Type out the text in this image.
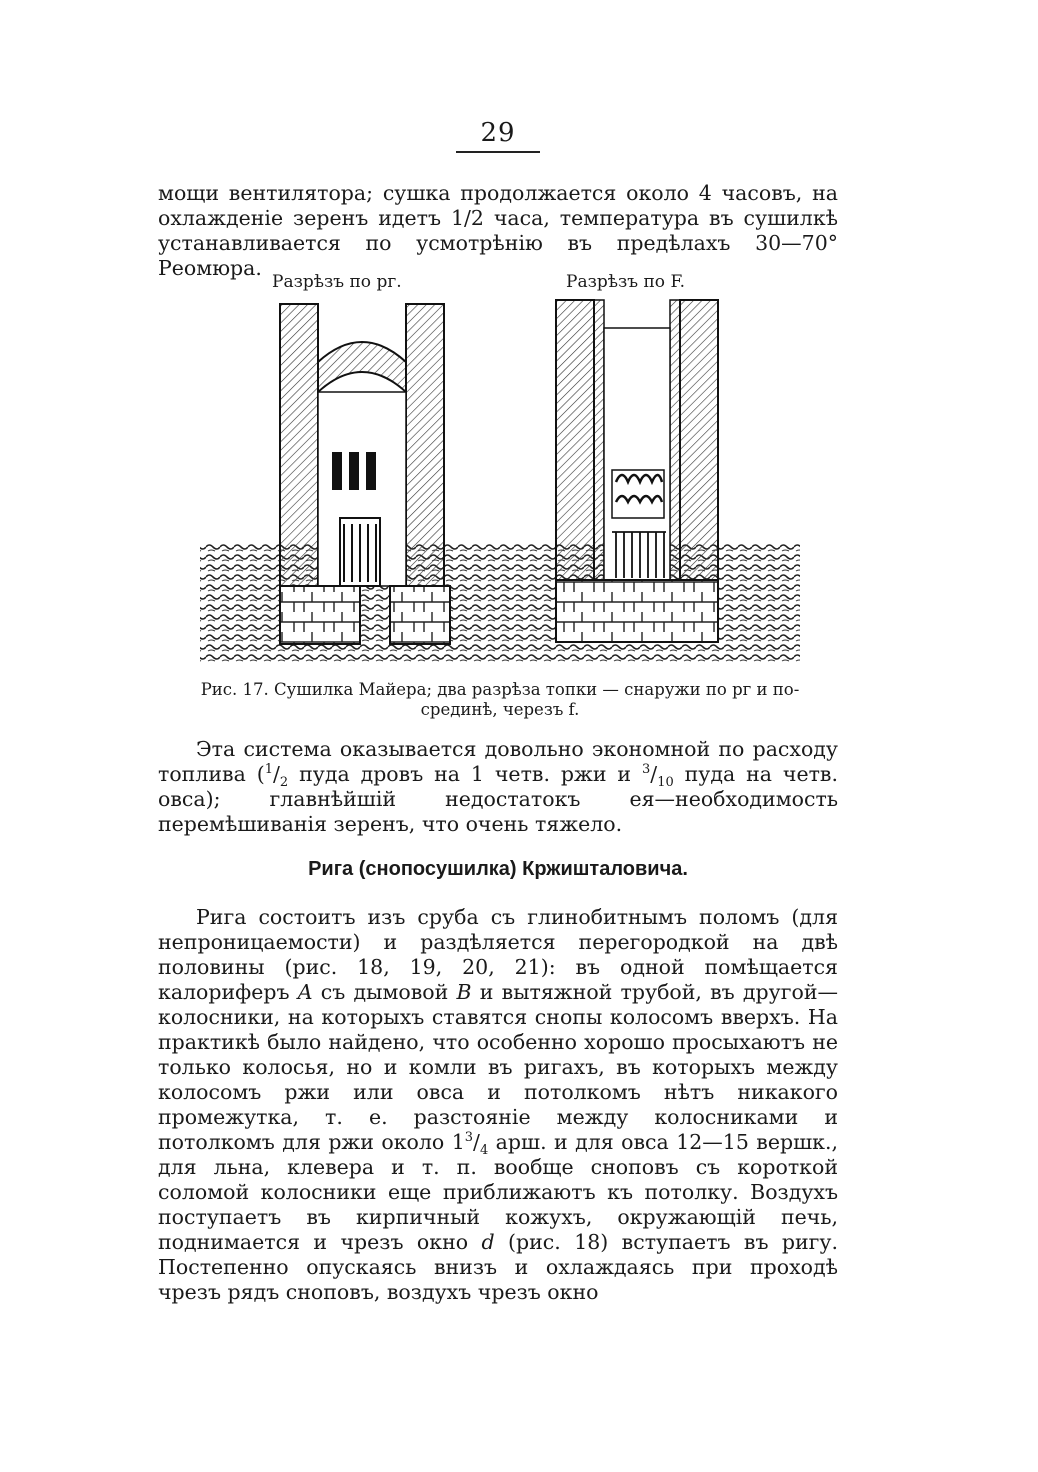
29

мощи вентилятора; сушка продолжается около 4 часовъ, на охлажденіе зеренъ идетъ 1/2 часа, температура въ сушилкѣ устанавливается по усмотрѣнію въ предѣлахъ 30—70° Реомюра.

Разрѣзъ по рг.	Разрѣзъ по F.
Рис. 17. Сушилка Майера; два разрѣза топки — снаружи по рг и по-
срединѣ, черезъ f.

Эта система оказывается довольно экономной по расходу топлива ($^1/_2$ пуда дровъ на 1 четв. ржи и $^3/_{10}$ пуда на четв. овса); главнѣйшій недостатокъ ея—необходимость перемѣшиванія зеренъ, что очень тяжело.

Рига (снопосушилка) Кржишталовича.

Рига состоитъ изъ сруба съ глинобитнымъ поломъ (для непроницаемости) и раздѣляется перегородкой на двѣ половины (рис. 18, 19, 20, 21): въ одной помѣщается калориферъ A съ дымовой B и вытяжной трубой, въ другой—колосники, на которыхъ ставятся снопы колосомъ вверхъ. На практикѣ было найдено, что особенно хорошо просыхаютъ не только колосья, но и комли въ ригахъ, въ которыхъ между колосомъ ржи или овса и потолкомъ нѣтъ никакого промежутка, т. е. разстояніе между колосниками и потолкомъ для ржи около $1^3/_4$ арш. и для овса 12—15 вершк., для льна, клевера и т. п. вообще сноповъ съ короткой соломой колосники еще приближаютъ къ потолку. Воздухъ поступаетъ въ кирпичный кожухъ, окружающій печь, поднимается и чрезъ окно d (рис. 18) вступаетъ въ ригу. Постепенно опускаясь внизъ и охлаждаясь при проходѣ чрезъ рядъ сноповъ, воздухъ чрезъ окно
